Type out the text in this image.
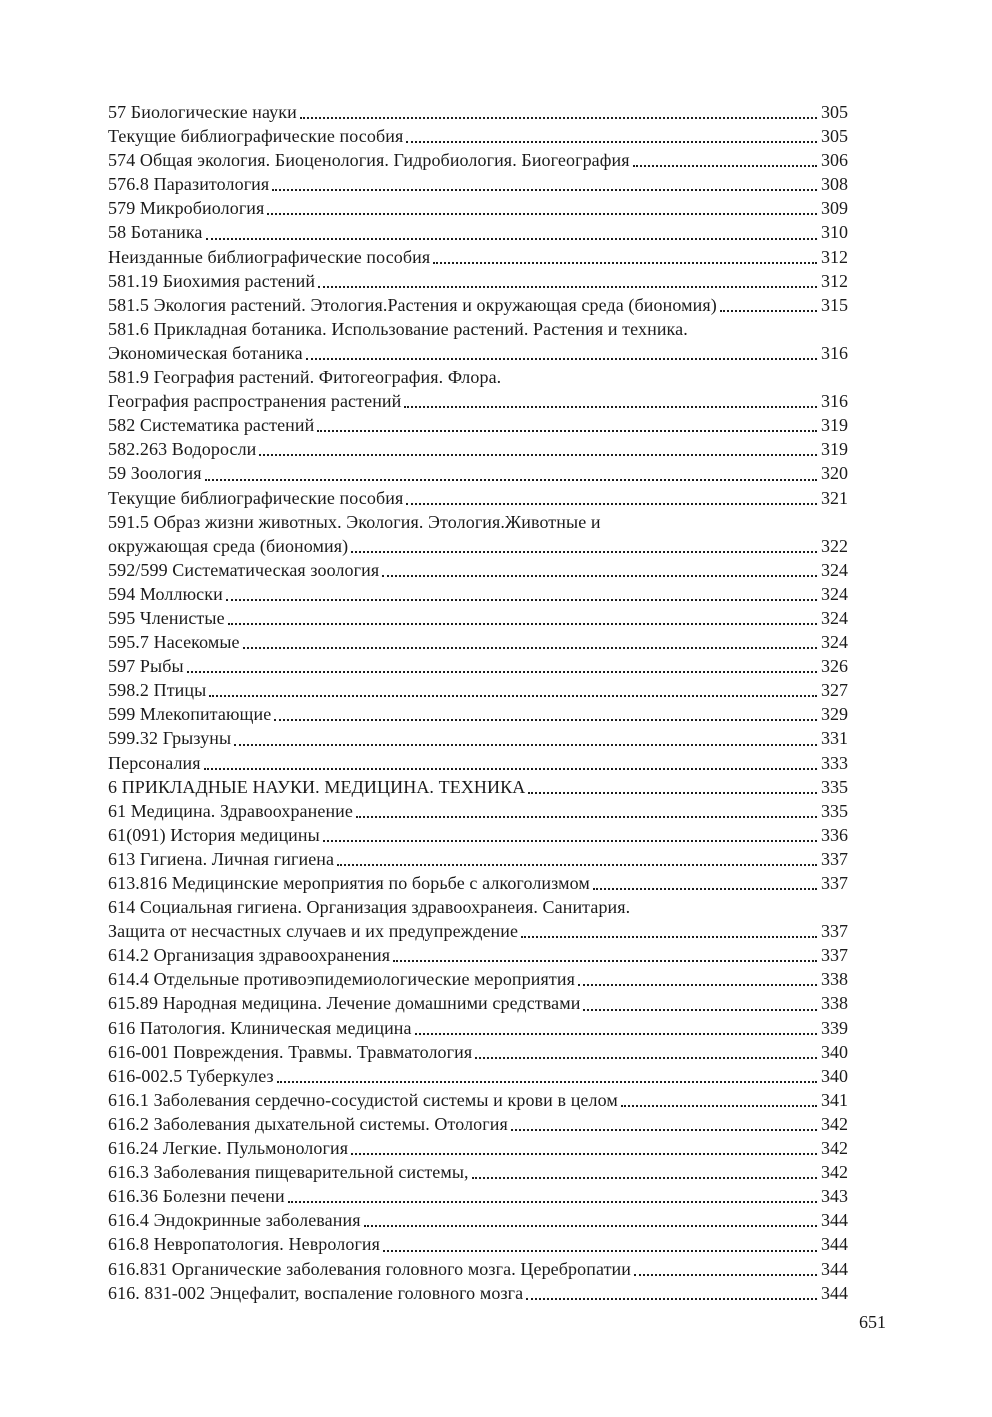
57 Биологические науки	305
Текущие библиографические пособия	305
574 Общая экология. Биоценология. Гидробиология. Биогеография	306
576.8 Паразитология	308
579 Микробиология	309
58 Ботаника	310
Неизданные библиографические пособия	312
581.19 Биохимия растений	312
581.5 Экология растений. Этология.Растения и окружающая среда (биономия)	315
581.6 Прикладная ботаника. Использование растений. Растения и техника.
Экономическая ботаника	316
581.9 География растений. Фитогеография. Флора.
География распространения растений	316
582 Систематика растений	319
582.263 Водоросли	319
59 Зоология	320
Текущие библиографические пособия	321
591.5 Образ жизни животных. Экология. Этология.Животные и
окружающая среда (биономия)	322
592/599 Систематическая зоология	324
594 Моллюски	324
595 Членистые	324
595.7 Насекомые	324
597 Рыбы	326
598.2 Птицы	327
599 Млекопитающие	329
599.32 Грызуны	331
Персоналия	333
6 ПРИКЛАДНЫЕ НАУКИ. МЕДИЦИНА. ТЕХНИКА	335
61 Медицина. Здравоохранение	335
61(091) История медицины	336
613 Гигиена. Личная гигиена	337
613.816 Медицинские мероприятия по борьбе с алкоголизмом	337
614 Социальная гигиена. Организация здравоохранеия. Санитария.
Защита от несчастных случаев и их предупреждение	337
614.2 Организация здравоохранения	337
614.4 Отдельные противоэпидемиологические мероприятия	338
615.89 Народная медицина. Лечение домашними средствами	338
616 Патология. Клиническая медицина	339
616-001 Повреждения. Травмы. Травматология	340
616-002.5 Туберкулез	340
616.1 Заболевания сердечно-сосудистой системы и крови в целом	341
616.2 Заболевания дыхательной системы. Отология	342
616.24 Легкие. Пульмонология	342
616.3 Заболевания пищеварительной системы,	342
616.36 Болезни печени	343
616.4 Эндокринные заболевания	344
616.8 Невропатология. Неврология	344
616.831 Органические заболевания головного мозга. Церебропатии	344
616. 831-002 Энцефалит, воспаление головного мозга	344
651
